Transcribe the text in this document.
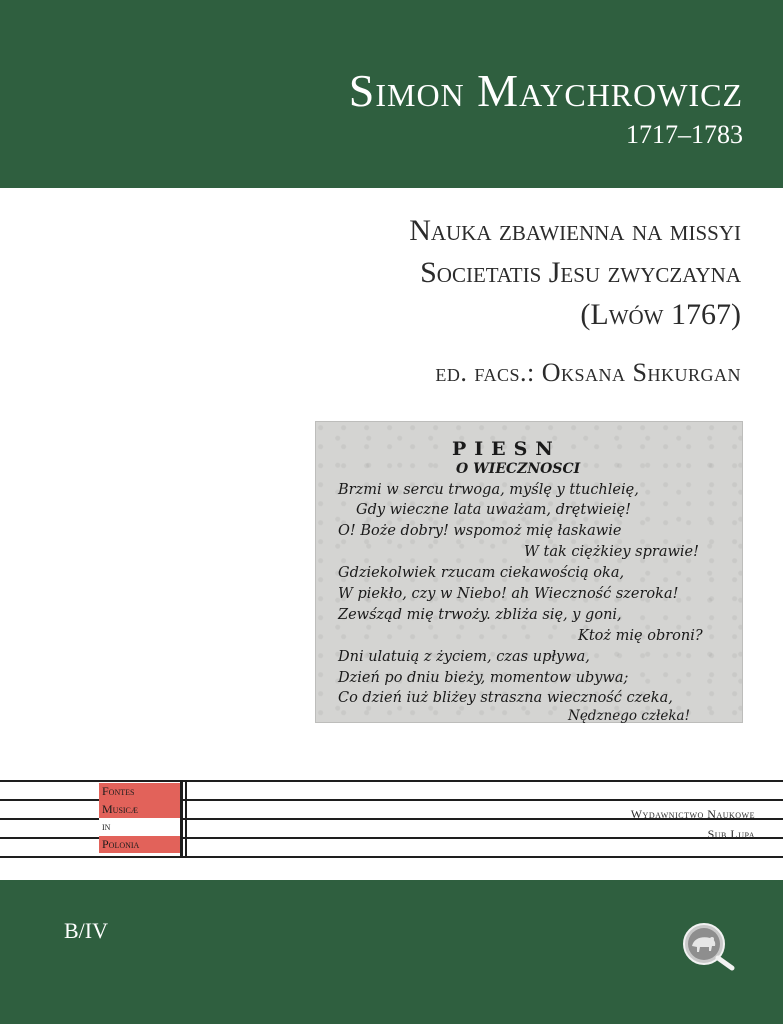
Simon Maychrowicz
1717–1783
Nauka zbawienna na missyi
Societatis Jesu zwyczayna
(Lwów 1767)
ed. facs.: Oksana Shkurgan
PIESN
O WIECZNOSCI
Brzmi w sercu trwoga, myślę y ttuchleię,
Gdy wieczne lata uważam, drętwieię!
O! Boże dobry! wspomoż mię łaskawie
W tak ciężkiey sprawie!
Gdziekolwiek rzucam ciekawością oka,
W piekło, czy w Niebo! ah Wieczność szeroka!
Zewśząd mię trwoży. zbliża się, y goni,
Ktoż mię obroni?
Dni ulatuią z życiem, czas upływa,
Dzień po dniu bieży, momentow ubywa;
Co dzień iuż bliżey straszna wieczność czeka,
Nędznego człeka!
Fontes
Musicæ
in
Polonia
Wydawnictwo Naukowe
Sub Lupa
B/IV
